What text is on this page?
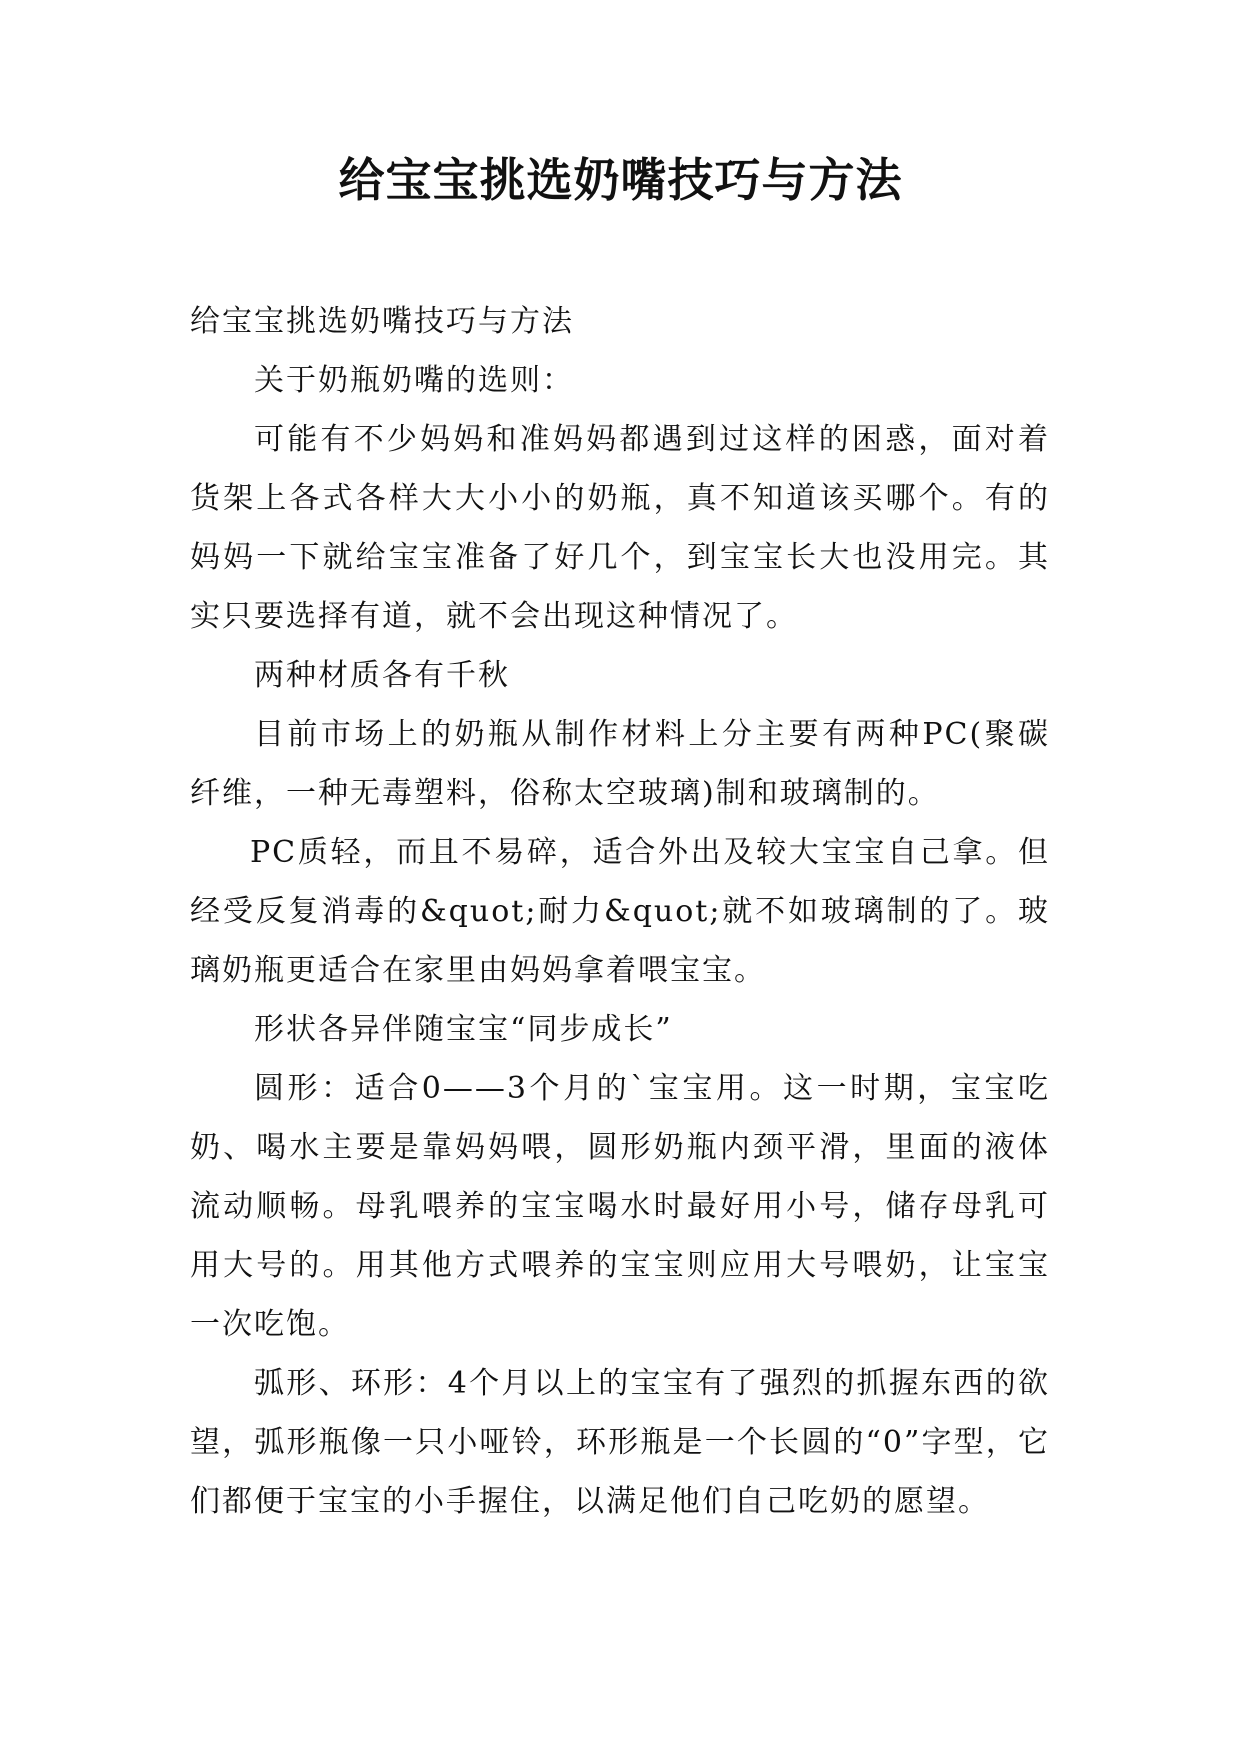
给宝宝挑选奶嘴技巧与方法

给宝宝挑选奶嘴技巧与方法

关于奶瓶奶嘴的选则：

可能有不少妈妈和准妈妈都遇到过这样的困惑，面对着货架上各式各样大大小小的奶瓶，真不知道该买哪个。有的妈妈一下就给宝宝准备了好几个，到宝宝长大也没用完。其实只要选择有道，就不会出现这种情况了。

两种材质各有千秋

目前市场上的奶瓶从制作材料上分主要有两种PC(聚碳纤维，一种无毒塑料，俗称太空玻璃)制和玻璃制的。

PC质轻，而且不易碎，适合外出及较大宝宝自己拿。但经受反复消毒的&quot;耐力&quot;就不如玻璃制的了。玻璃奶瓶更适合在家里由妈妈拿着喂宝宝。

形状各异伴随宝宝“同步成长”

圆形：适合0——3个月的`宝宝用。这一时期，宝宝吃奶、喝水主要是靠妈妈喂，圆形奶瓶内颈平滑，里面的液体流动顺畅。母乳喂养的宝宝喝水时最好用小号，储存母乳可用大号的。用其他方式喂养的宝宝则应用大号喂奶，让宝宝一次吃饱。

弧形、环形：4个月以上的宝宝有了强烈的抓握东西的欲望，弧形瓶像一只小哑铃，环形瓶是一个长圆的“0”字型，它们都便于宝宝的小手握住，以满足他们自己吃奶的愿望。
